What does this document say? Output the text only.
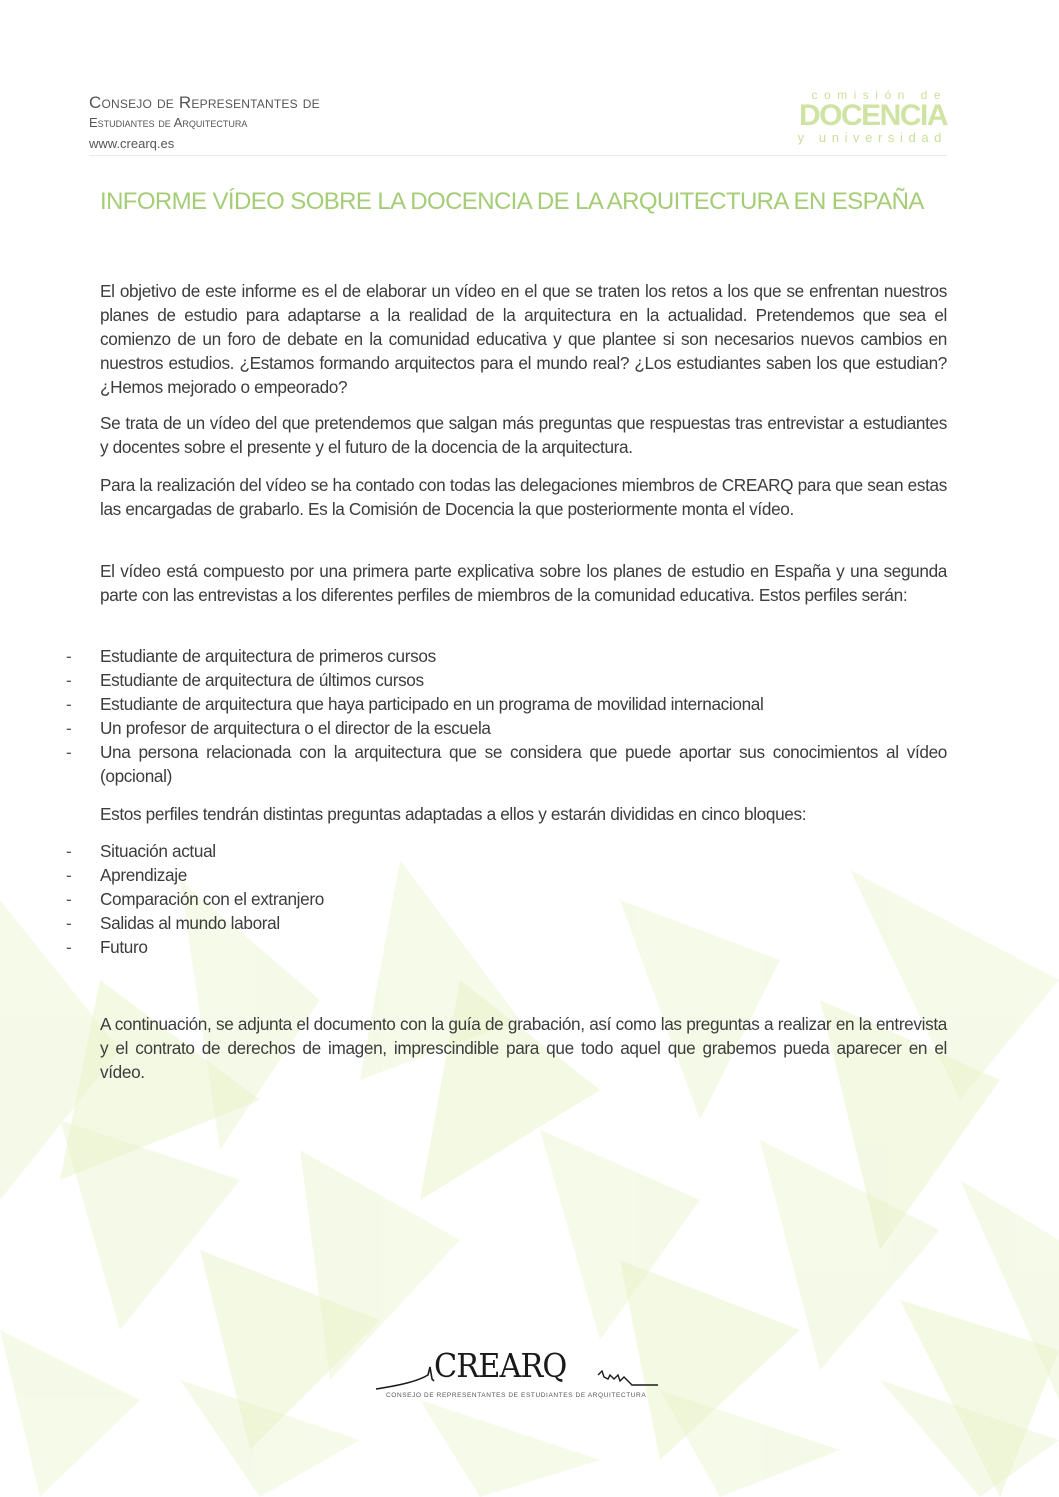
Consejo de Representantes de
Estudiantes de Arquitectura
www.crearq.es
comisión de
DOCENCIA
y universidad
INFORME VÍDEO SOBRE LA DOCENCIA DE LA ARQUITECTURA EN ESPAÑA

El objetivo de este informe es el de elaborar un vídeo en el que se traten los retos a los que se enfrentan nuestros planes de estudio para adaptarse a la realidad de la arquitectura en la actualidad. Pretendemos que sea el comienzo de un foro de debate en la comunidad educativa y que plantee si son necesarios nuevos cambios en nuestros estudios. ¿Estamos formando arquitectos para el mundo real? ¿Los estudiantes saben los que estudian? ¿Hemos mejorado o empeorado?

Se trata de un vídeo del que pretendemos que salgan más preguntas que respuestas tras entrevistar a estudiantes y docentes sobre el presente y el futuro de la docencia de la arquitectura.

Para la realización del vídeo se ha contado con todas las delegaciones miembros de CREARQ para que sean estas las encargadas de grabarlo. Es la Comisión de Docencia la que posteriormente monta el vídeo.

El vídeo está compuesto por una primera parte explicativa sobre los planes de estudio en España y una segunda parte con las entrevistas a los diferentes perfiles de miembros de la comunidad educativa. Estos perfiles serán:

- Estudiante de arquitectura de primeros cursos
- Estudiante de arquitectura de últimos cursos
- Estudiante de arquitectura que haya participado en un programa de movilidad internacional
- Un profesor de arquitectura o el director de la escuela
- Una persona relacionada con la arquitectura que se considera que puede aportar sus conocimientos al vídeo (opcional)

Estos perfiles tendrán distintas preguntas adaptadas a ellos y estarán divididas en cinco bloques:

- Situación actual
- Aprendizaje
- Comparación con el extranjero
- Salidas al mundo laboral
- Futuro

A continuación, se adjunta el documento con la guía de grabación, así como las preguntas a realizar en la entrevista y el contrato de derechos de imagen, imprescindible para que todo aquel que grabemos pueda aparecer en el vídeo.

CREARQ
CONSEJO DE REPRESENTANTES DE ESTUDIANTES DE ARQUITECTURA
